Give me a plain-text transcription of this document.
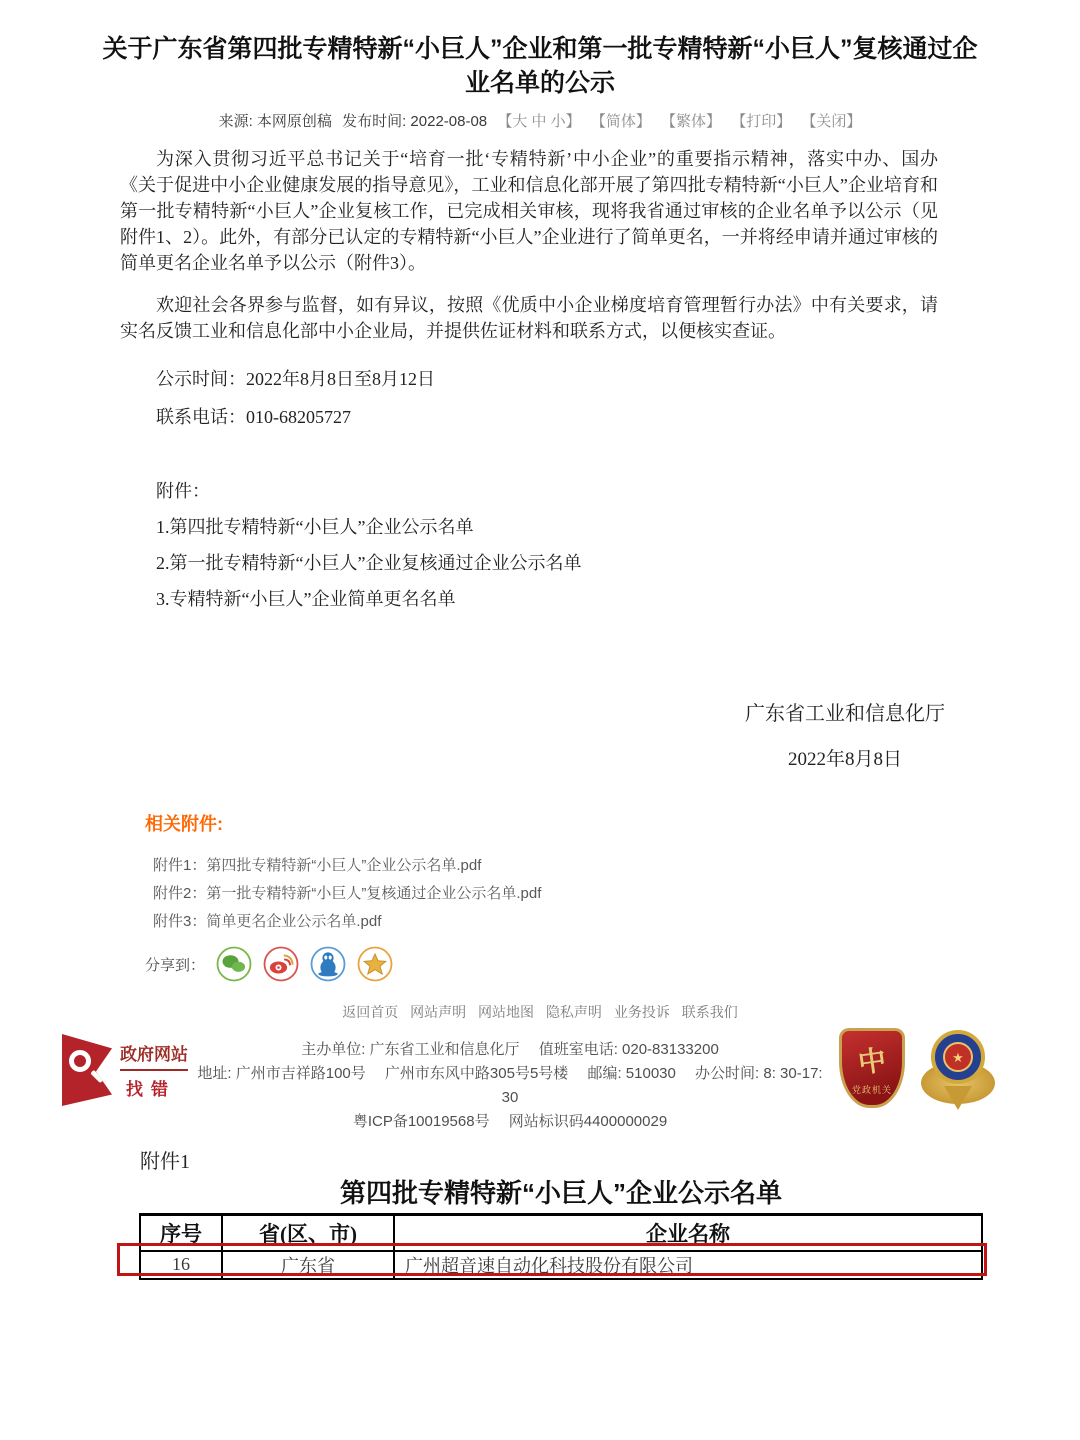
关于广东省第四批专精特新“小巨人”企业和第一批专精特新“小巨人”复核通过企业名单的公示
来源: 本网原创稿 发布时间: 2022-08-08 【大 中 小】 【简体】 【繁体】 【打印】 【关闭】

为深入贯彻习近平总书记关于“培育一批‘专精特新’中小企业”的重要指示精神，落实中办、国办《关于促进中小企业健康发展的指导意见》，工业和信息化部开展了第四批专精特新“小巨人”企业培育和第一批专精特新“小巨人”企业复核工作，已完成相关审核，现将我省通过审核的企业名单予以公示（见附件1、2）。此外，有部分已认定的专精特新“小巨人”企业进行了简单更名，一并将经申请并通过审核的简单更名企业名单予以公示（附件3）。

欢迎社会各界参与监督，如有异议，按照《优质中小企业梯度培育管理暂行办法》中有关要求，请实名反馈工业和信息化部中小企业局，并提供佐证材料和联系方式，以便核实查证。

公示时间：2022年8月8日至8月12日

联系电话：010-68205727

附件：

1.第四批专精特新“小巨人”企业公示名单

2.第一批专精特新“小巨人”企业复核通过企业公示名单

3.专精特新“小巨人”企业简单更名名单

广东省工业和信息化厅
2022年8月8日
相关附件:
附件1：第四批专精特新“小巨人”企业公示名单.pdf
附件2：第一批专精特新“小巨人”复核通过企业公示名单.pdf
附件3：简单更名企业公示名单.pdf
分享到：
返回首页 网站声明 网站地图 隐私声明 业务投诉 联系我们
主办单位: 广东省工业和信息化厅　 值班室电话: 020-83133200
地址: 广州市吉祥路100号 　广州市东风中路305号5号楼 　邮编: 510030 　办公时间: 8: 30-17: 30
粤ICP备10019568号 　网站标识码4400000029
政府网站
找错
中
党政机关
★
附件1
第四批专精特新“小巨人”企业公示名单
序号	省(区、市)	企业名称
16	广东省	广州超音速自动化科技股份有限公司
